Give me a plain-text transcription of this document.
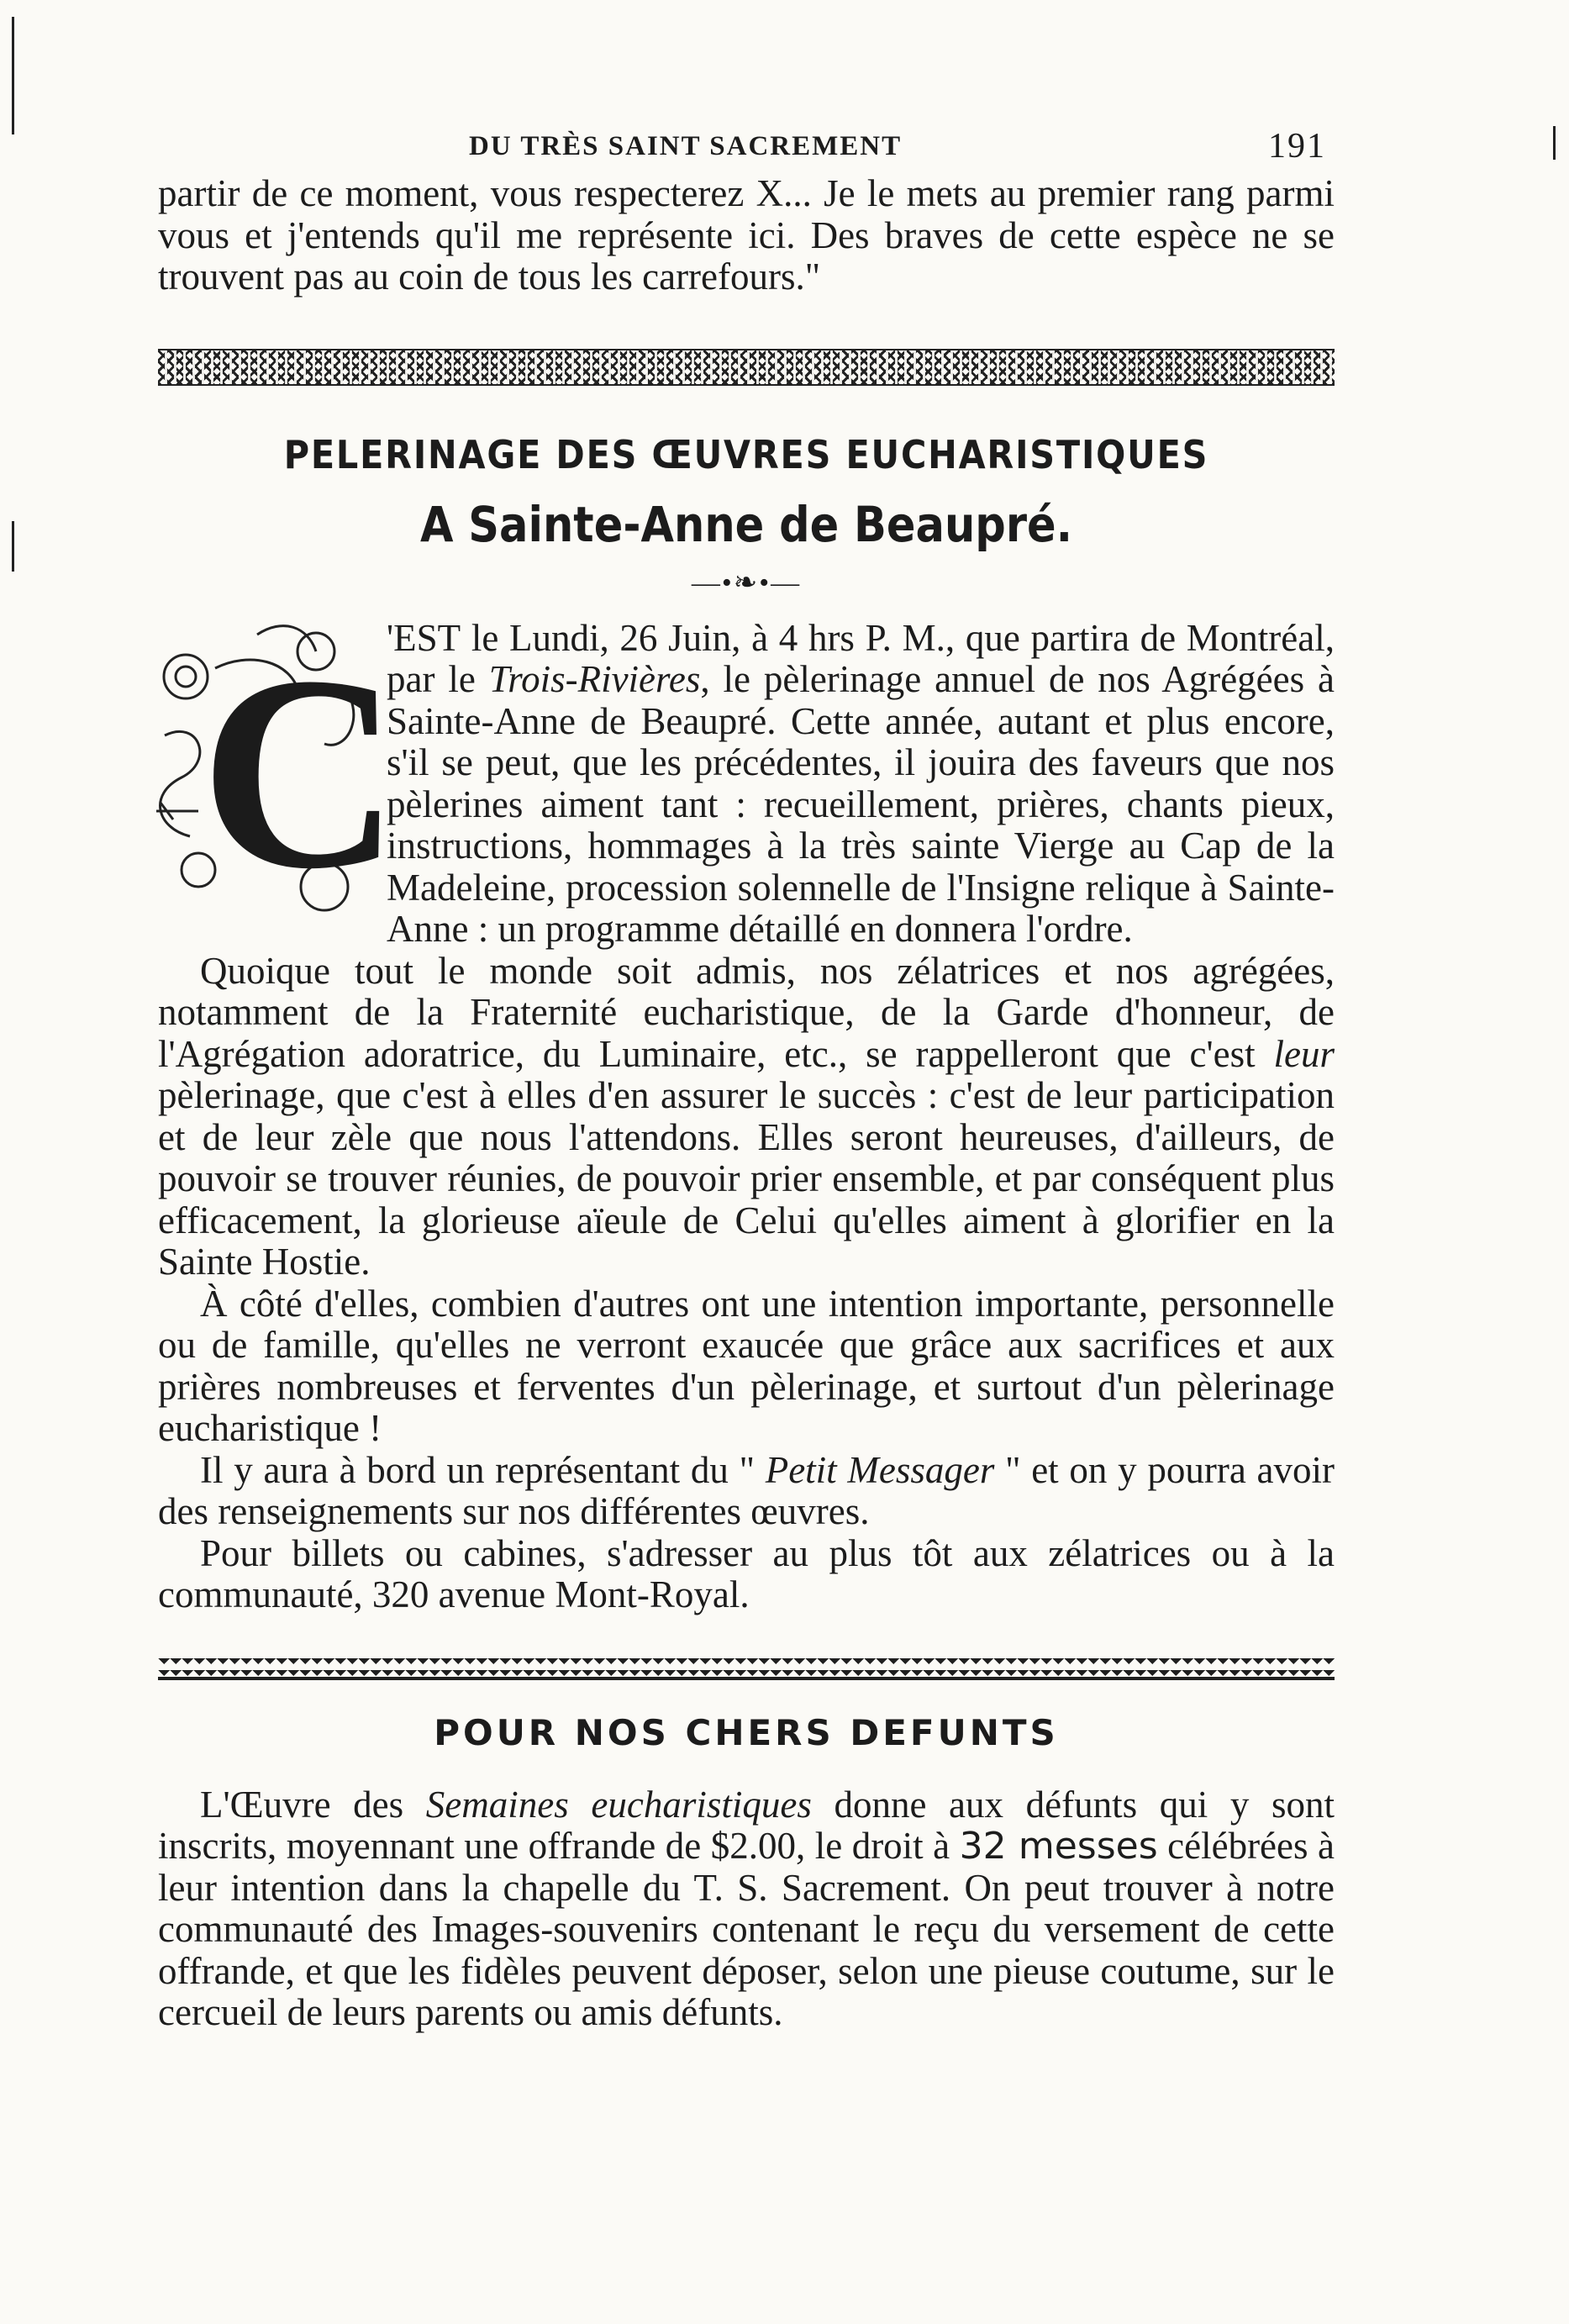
DU TRÈS SAINT SACREMENT	191

partir de ce moment, vous respecterez X... Je le mets au premier rang parmi vous et j'entends qu'il me représente ici. Des braves de cette espèce ne se trouvent pas au coin de tous les carrefours."

PELERINAGE DES ŒUVRES EUCHARISTIQUES
A Sainte-Anne de Beaupré.
—•❧•—
C

'EST le Lundi, 26 Juin, à 4 hrs P. M., que partira de Montréal, par le Trois-Rivières, le pèlerinage annuel de nos Agrégées à Sainte-Anne de Beaupré. Cette année, autant et plus encore, s'il se peut, que les précédentes, il jouira des faveurs que nos pèlerines aiment tant : recueillement, prières, chants pieux, instructions, hommages à la très sainte Vierge au Cap de la Madeleine, procession solennelle de l'Insigne relique à Sainte-Anne : un programme détaillé en donnera l'ordre.

Quoique tout le monde soit admis, nos zélatrices et nos agrégées, notamment de la Fraternité eucharistique, de la Garde d'honneur, de l'Agrégation adoratrice, du Luminaire, etc., se rappelleront que c'est leur pèlerinage, que c'est à elles d'en assurer le succès : c'est de leur participation et de leur zèle que nous l'attendons. Elles seront heureuses, d'ailleurs, de pouvoir se trouver réunies, de pouvoir prier ensemble, et par conséquent plus efficacement, la glorieuse aïeule de Celui qu'elles aiment à glorifier en la Sainte Hostie.

À côté d'elles, combien d'autres ont une intention importante, personnelle ou de famille, qu'elles ne verront exaucée que grâce aux sacrifices et aux prières nombreuses et ferventes d'un pèlerinage, et surtout d'un pèlerinage eucharistique !

Il y aura à bord un représentant du " Petit Messager " et on y pourra avoir des renseignements sur nos différentes œuvres.

Pour billets ou cabines, s'adresser au plus tôt aux zélatrices ou à la communauté, 320 avenue Mont-Royal.

POUR NOS CHERS DEFUNTS

L'Œuvre des Semaines eucharistiques donne aux défunts qui y sont inscrits, moyennant une offrande de $2.00, le droit à 32 messes célébrées à leur intention dans la chapelle du T. S. Sacrement. On peut trouver à notre communauté des Images-souvenirs contenant le reçu du versement de cette offrande, et que les fidèles peuvent déposer, selon une pieuse coutume, sur le cercueil de leurs parents ou amis défunts.
